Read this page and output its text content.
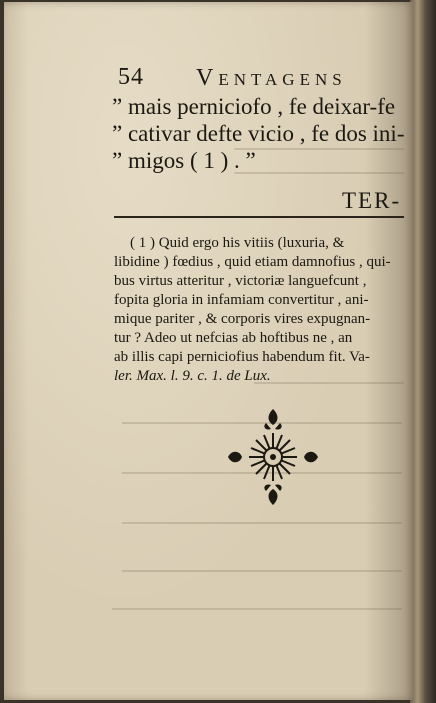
54 Ventagens
” mais perniciofo , fe deixar-fe
” cativar defte vicio , fe dos ini-
” migos ( 1 ) . ”
TER-
( 1 ) Quid ergo his vitiis (luxuria, &
libidine ) fœdius , quid etiam damnofius , qui-
bus virtus atteritur , victoriæ languefcunt ,
fopita gloria in infamiam convertitur , ani-
mique pariter , & corporis vires expugnan-
tur ? Adeo ut nefcias ab hoftibus ne , an
ab illis capi perniciofius habendum fit. Va-
ler. Max. l. 9. c. 1. de Lux.
